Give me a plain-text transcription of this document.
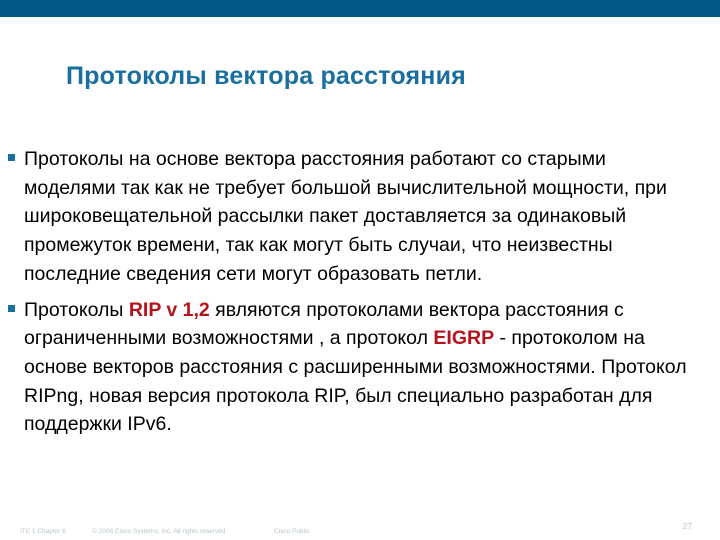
Протоколы вектора расстояния
Протоколы на основе вектора расстояния работают со старыми моделями так как не требует большой вычислительной мощности, при широковещательной рассылки пакет доставляется за одинаковый промежуток времени, так как могут быть случаи, что неизвестны последние сведения сети могут образовать петли.
Протоколы RIP v 1,2 являются протоколами вектора расстояния с ограниченными возможностями , а протокол EIGRP - протоколом на основе векторов расстояния с расширенными возможностями. Протокол RIPng, новая версия протокола RIP, был специально разработан для поддержки IPv6.
ITE 1 Chapter 6	© 2006 Cisco Systems, Inc. All rights reserved.	Cisco Public
27
